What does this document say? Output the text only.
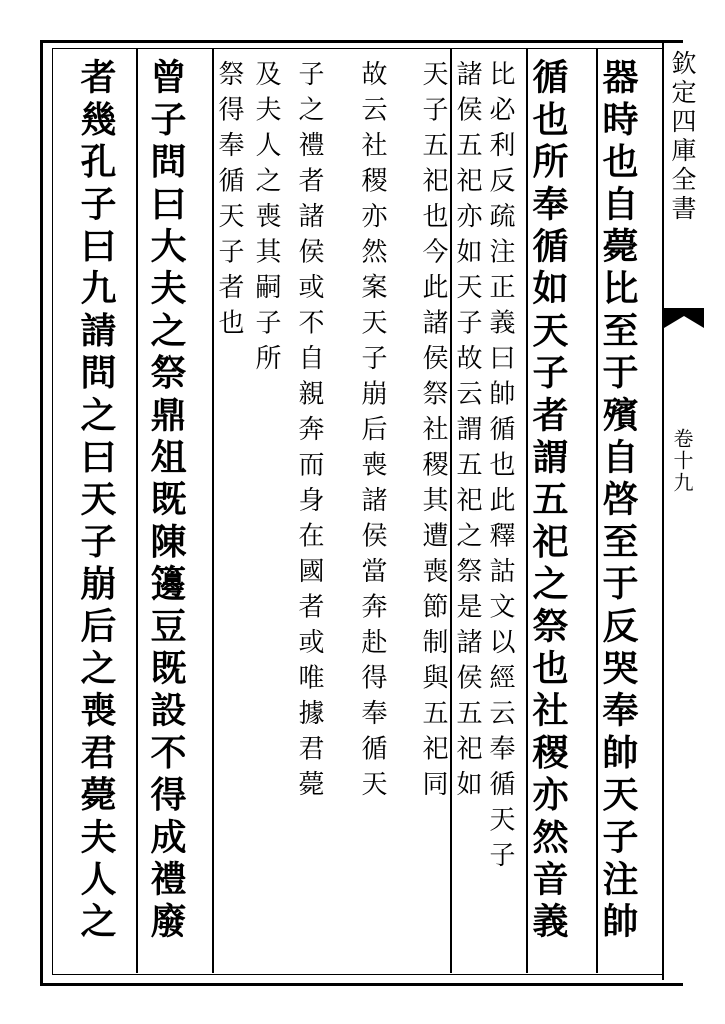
欽定四庫全書
卷十九
器時也自薨比至于殯自啓至于反哭奉帥天子注帥
循也所奉循如天子者謂五祀之祭也社稷亦然音義
比必利反疏注正義曰帥循也此釋詁文以經云奉循天子
諸侯五祀亦如天子故云謂五祀之祭是諸侯五祀如
天子五祀也今此諸侯祭社稷其遭喪節制與五祀同
故云社稷亦然案天子崩后喪諸侯當奔赴得奉循天
子之禮者諸侯或不自親奔而身在國者或唯據君薨
及夫人之喪其嗣子所
祭得奉循天子者也
曾子問曰大夫之祭鼎俎既陳籩豆既設不得成禮廢
者幾孔子曰九請問之曰天子崩后之喪君薨夫人之
